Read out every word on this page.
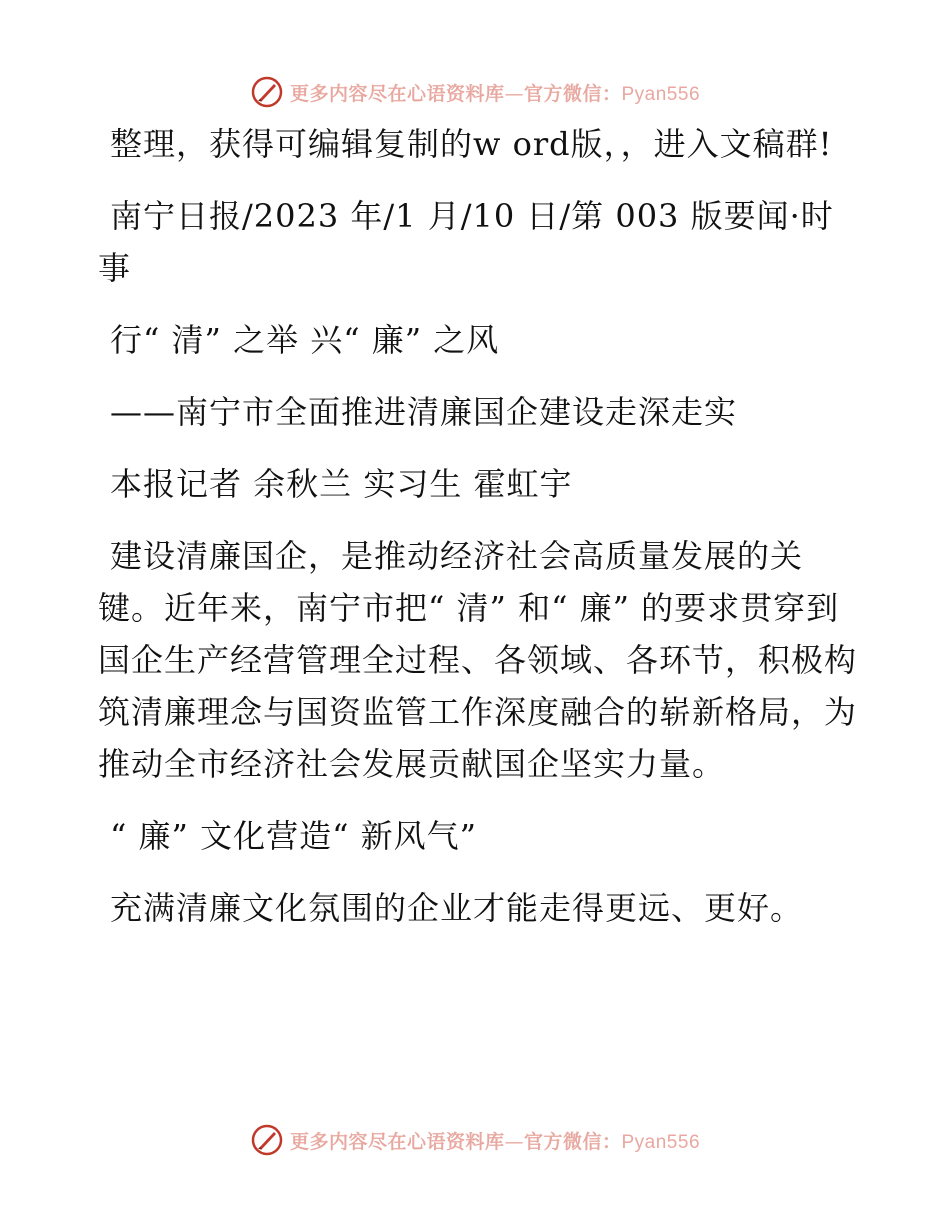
更多内容尽在心语资料库—官方微信：Pyan556

整理，获得可编辑复制的w ord版，，进入文稿群!

南宁日报/2023 年/1 月/10 日/第 003 版要闻·时事

行“ 清” 之举 兴“ 廉” 之风

——南宁市全面推进清廉国企建设走深走实

本报记者 余秋兰 实习生 霍虹宇

建设清廉国企，是推动经济社会高质量发展的关键。近年来，南宁市把“ 清” 和“ 廉” 的要求贯穿到国企生产经营管理全过程、各领域、各环节，积极构筑清廉理念与国资监管工作深度融合的崭新格局，为推动全市经济社会发展贡献国企坚实力量。

“ 廉” 文化营造“ 新风气”

充满清廉文化氛围的企业才能走得更远、更好。

更多内容尽在心语资料库—官方微信：Pyan556
